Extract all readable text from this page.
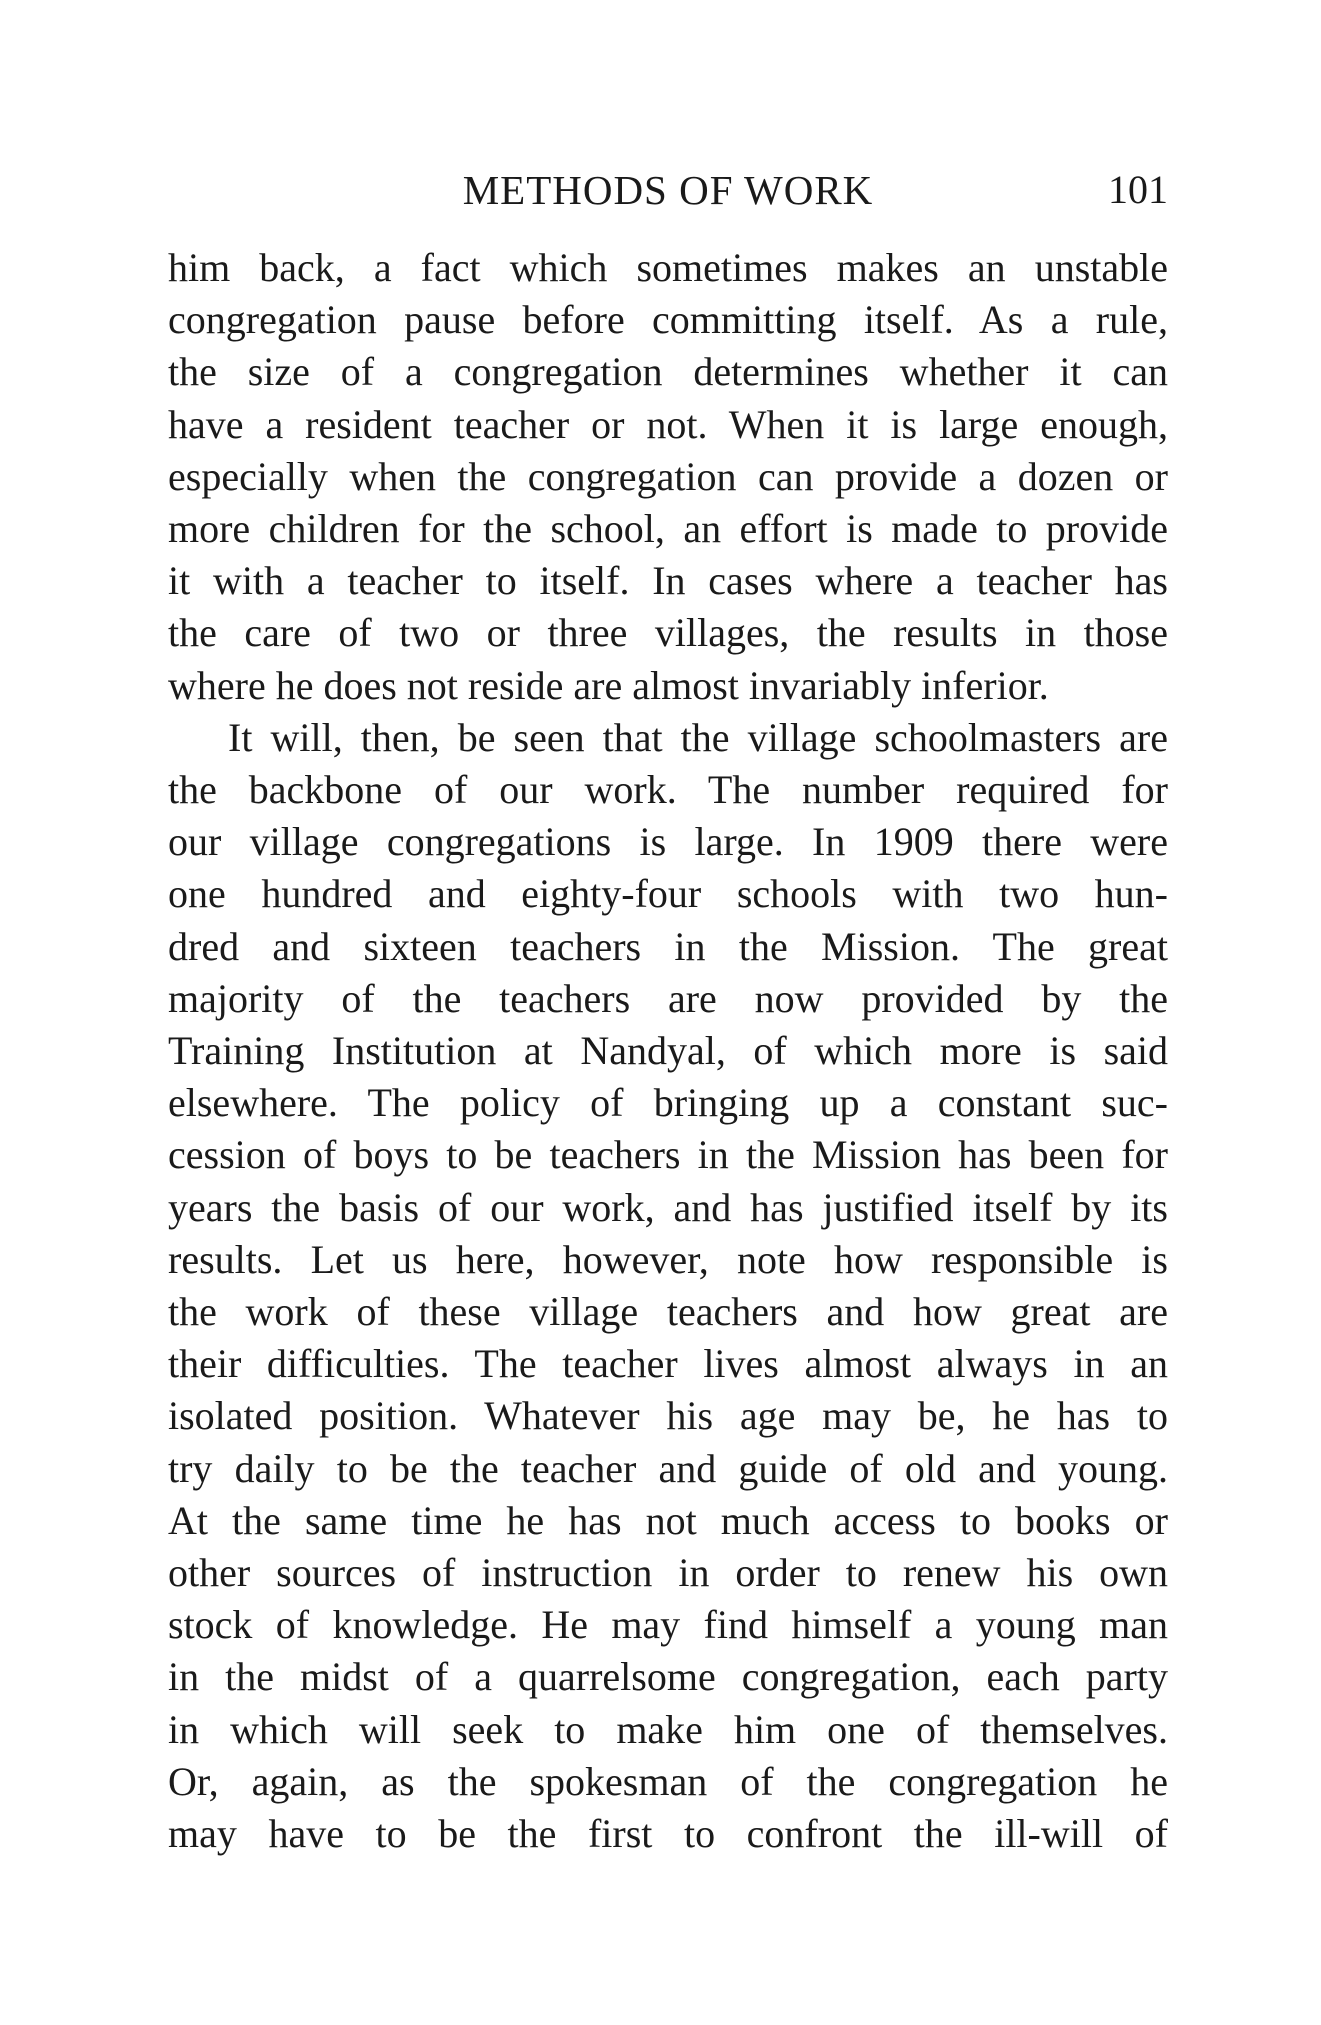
METHODS OF WORK	101

him back, a fact which sometimes makes an unstable
congregation pause before committing itself. As a rule,
the size of a congregation determines whether it can
have a resident teacher or not. When it is large enough,
especially when the congregation can provide a dozen or
more children for the school, an effort is made to provide
it with a teacher to itself. In cases where a teacher has
the care of two or three villages, the results in those
where he does not reside are almost invariably inferior.

It will, then, be seen that the village schoolmasters are
the backbone of our work. The number required for
our village congregations is large. In 1909 there were
one hundred and eighty-four schools with two hun-
dred and sixteen teachers in the Mission. The great
majority of the teachers are now provided by the
Training Institution at Nandyal, of which more is said
elsewhere. The policy of bringing up a constant suc-
cession of boys to be teachers in the Mission has been for
years the basis of our work, and has justified itself by its
results. Let us here, however, note how responsible is
the work of these village teachers and how great are
their difficulties. The teacher lives almost always in an
isolated position. Whatever his age may be, he has to
try daily to be the teacher and guide of old and young.
At the same time he has not much access to books or
other sources of instruction in order to renew his own
stock of knowledge. He may find himself a young man
in the midst of a quarrelsome congregation, each party
in which will seek to make him one of themselves.
Or, again, as the spokesman of the congregation he
may have to be the first to confront the ill-will of
